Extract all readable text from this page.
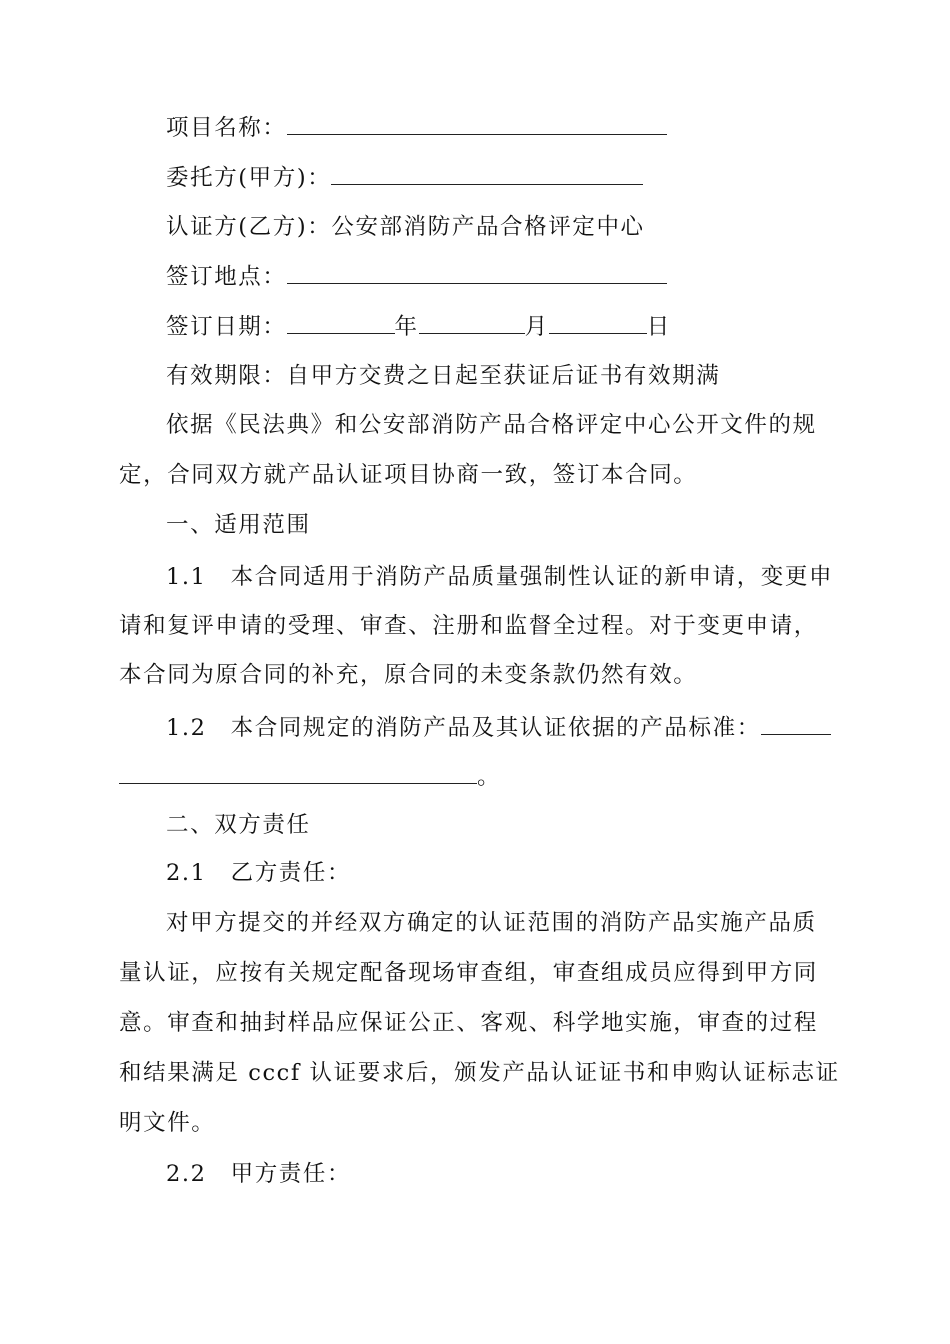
项目名称：
委托方(甲方)：
认证方(乙方)：公安部消防产品合格评定中心
签订地点：
签订日期：	年	月	日
有效期限：自甲方交费之日起至获证后证书有效期满
依据《民法典》和公安部消防产品合格评定中心公开文件的规
定，合同双方就产品认证项目协商一致，签订本合同。
一、适用范围
1.1 本合同适用于消防产品质量强制性认证的新申请，变更申
请和复评申请的受理、审查、注册和监督全过程。对于变更申请，
本合同为原合同的补充，原合同的未变条款仍然有效。
1.2 本合同规定的消防产品及其认证依据的产品标准：
。
二、双方责任
2.1 乙方责任：
对甲方提交的并经双方确定的认证范围的消防产品实施产品质
量认证，应按有关规定配备现场审查组，审查组成员应得到甲方同
意。审查和抽封样品应保证公正、客观、科学地实施，审查的过程
和结果满足 cccf 认证要求后，颁发产品认证证书和申购认证标志证
明文件。
2.2 甲方责任：
